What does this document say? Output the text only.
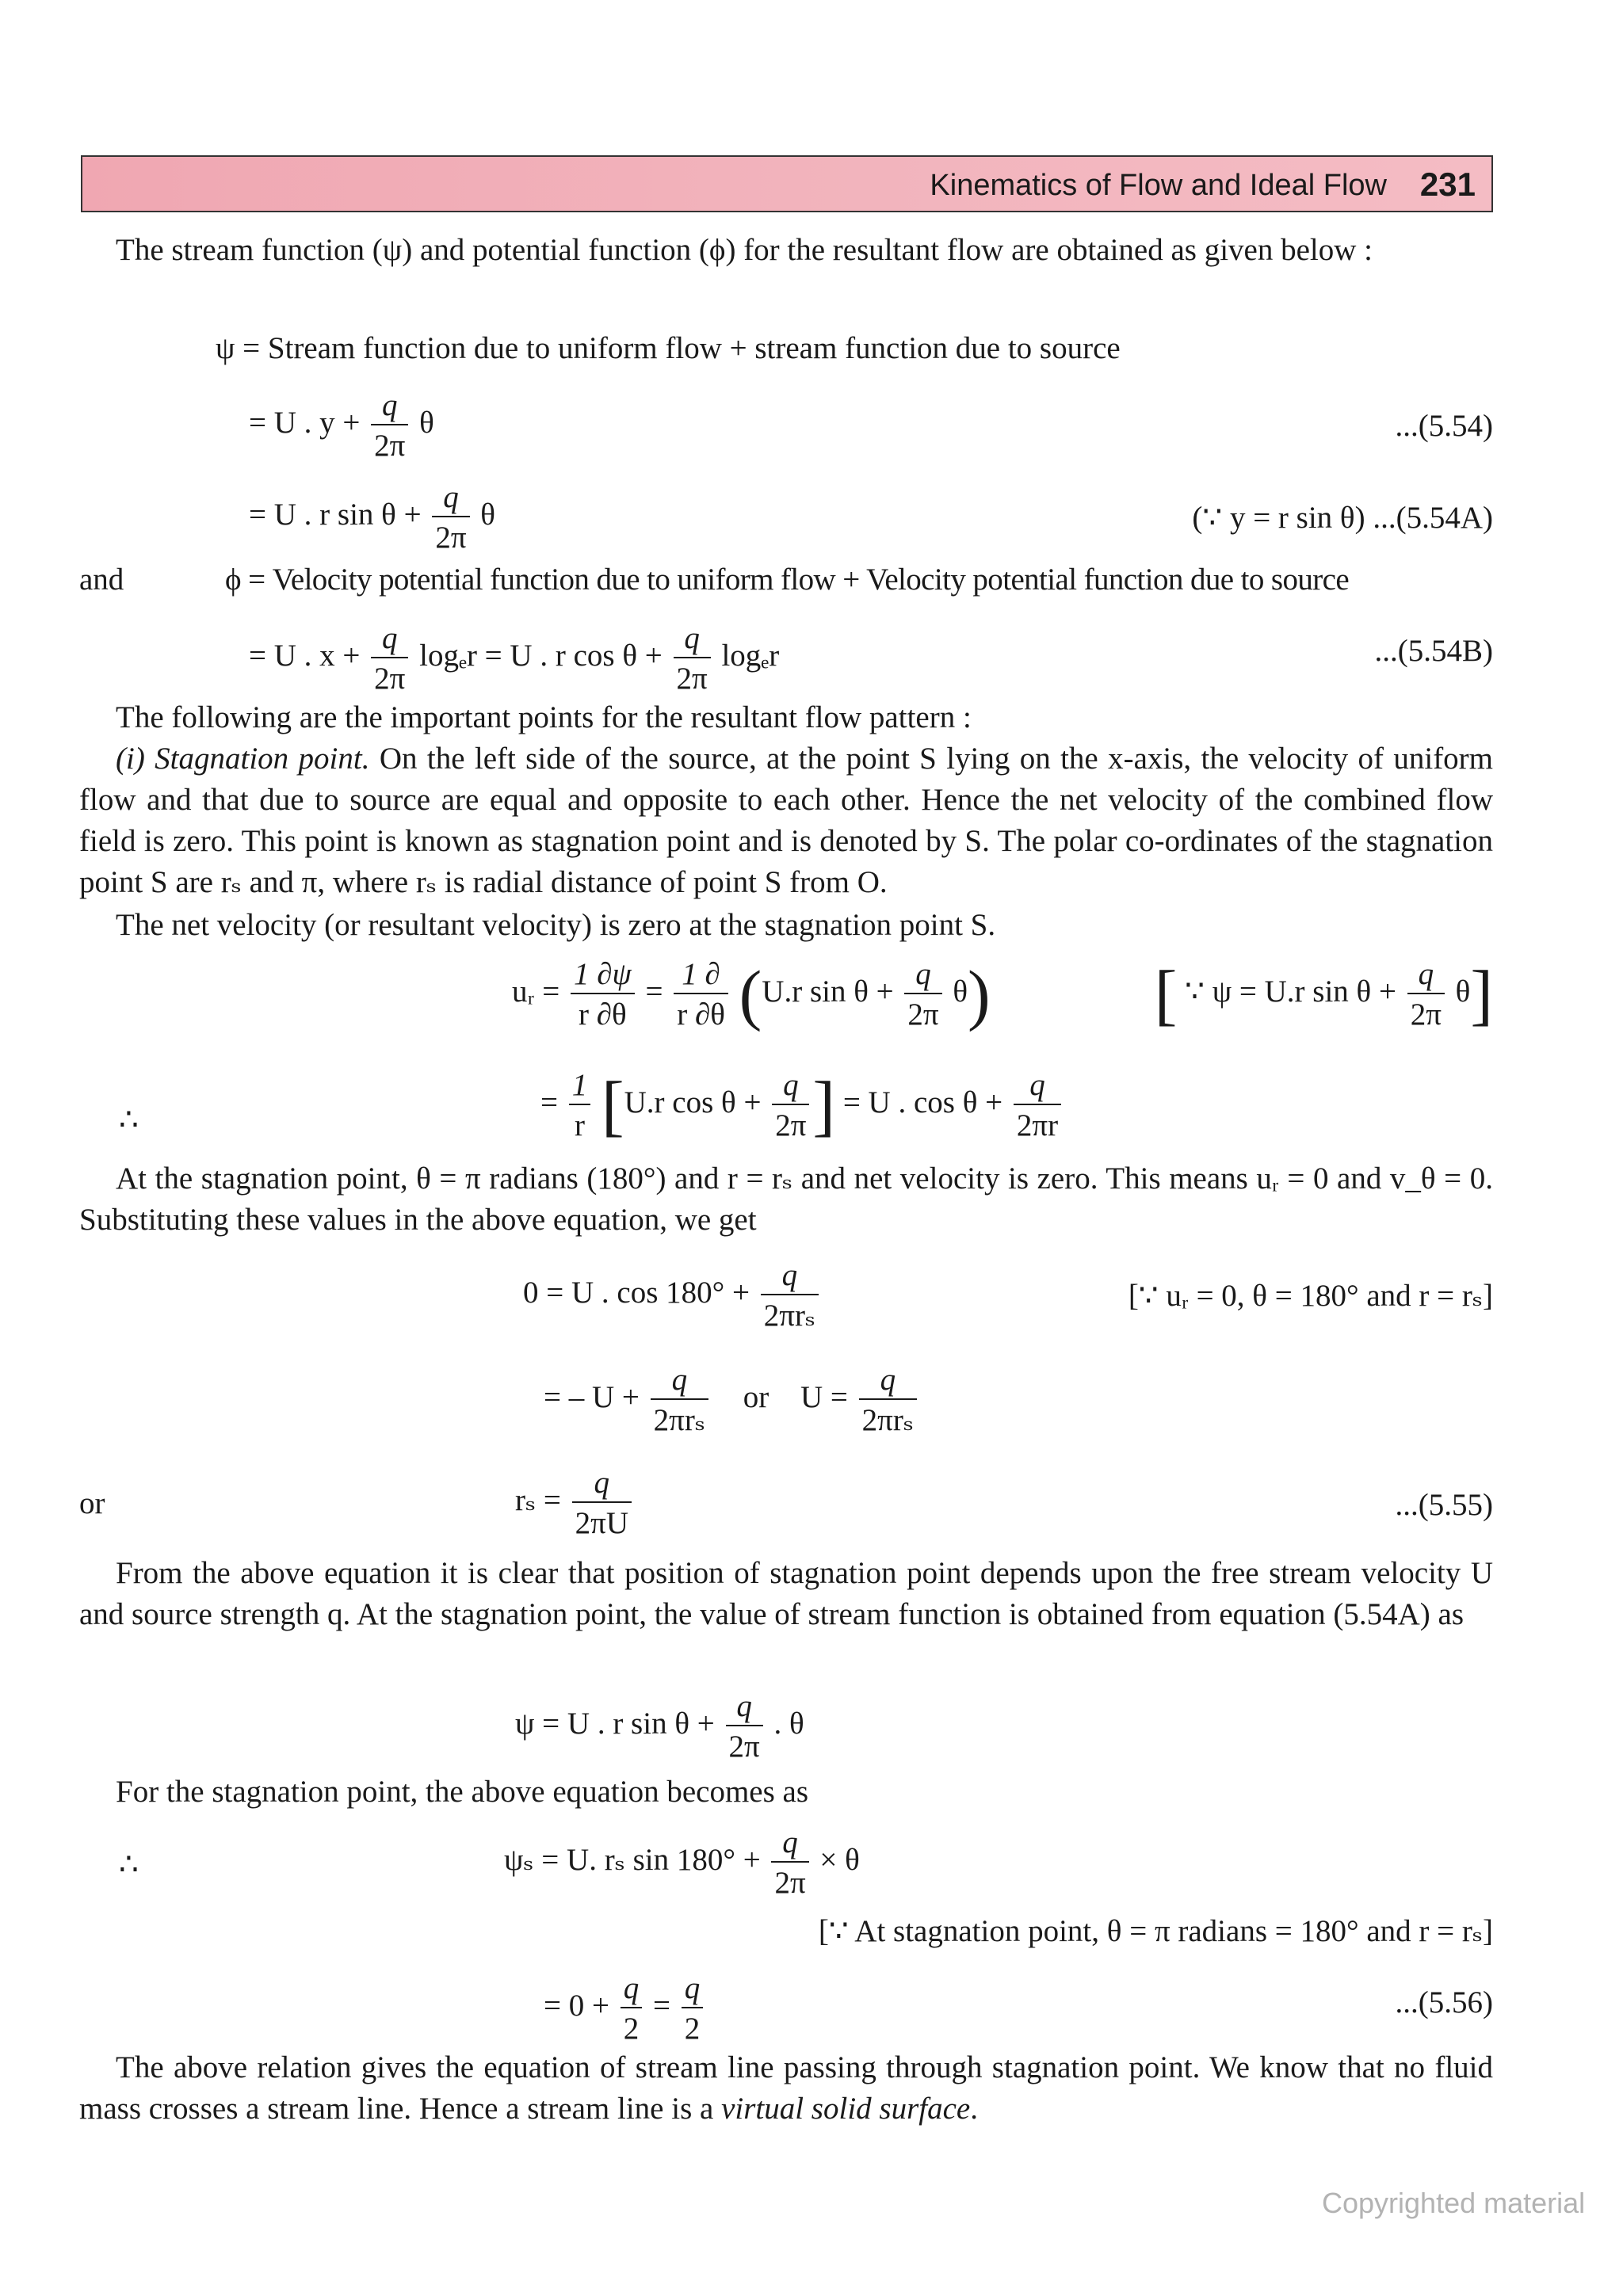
Kinematics of Flow and Ideal Flow 231
The stream function (ψ) and potential function (ϕ) for the resultant flow are obtained as given below :
ψ = Stream function due to uniform flow + stream function due to source
= U . $y + \frac{q}{2\pi}$ θ	...(5.54)
= U . r $\sin \theta + \frac{q}{2\pi}$ θ	(∵ y = r sin θ) ...(5.54A)
and	ϕ = Velocity potential function due to uniform flow + Velocity potential function due to source
= U . $x + \frac{q}{2\pi}$ logₑr = U . r $\cos \theta + \frac{q}{2\pi}$ logₑr	...(5.54B)
The following are the important points for the resultant flow pattern :
(i) Stagnation point. On the left side of the source, at the point S lying on the x-axis, the velocity of uniform flow and that due to source are equal and opposite to each other. Hence the net velocity of the combined flow field is zero. This point is known as stagnation point and is denoted by S. The polar co-ordinates of the stagnation point S are rₛ and π, where rₛ is radial distance of point S from O.
The net velocity (or resultant velocity) is zero at the stagnation point S.
uᵣ = $\frac{1 \partial\psi}{r \partial\theta} = \frac{1 \partial}{r \partial\theta} (U.r$ $\sin \theta + \frac{q}{2\pi} \theta$) [ ∵ ψ = U.r $\sin \theta + \frac{q}{2\pi} \theta$]
∴
= $\frac{1}{r} [U.r$ $\cos \theta + \frac{q}{2\pi}$ ] = U . $\cos \theta + \frac{q}{2\pi r}$
At the stagnation point, θ = π radians (180°) and r = rₛ and net velocity is zero. This means uᵣ = 0 and v_θ = 0. Substituting these values in the above equation, we get
0 = U . $\cos 180^\circ + \frac{q}{\text{2πrₛ}}$	[∵ uᵣ = 0, θ = 180° and r = rₛ]
= – $U + \frac{q}{\text{2πrₛ}}$ or $U = \frac{q}{\text{2πrₛ}}$
or	$r_s = \frac{q}{2\pi U}$	...(5.55)
From the above equation it is clear that position of stagnation point depends upon the free stream velocity U and source strength q. At the stagnation point, the value of stream function is obtained from equation (5.54A) as
ψ = U . r $\sin \theta + \frac{q}{2\pi}$ . θ
For the stagnation point, the above equation becomes as
∴	ψₛ = U. rₛ $\sin 180^\circ + \frac{q}{2\pi} \times \theta$
[∵ At stagnation point, θ = π radians = 180° and r = rₛ]
= $0 + \frac{q}{2} = \frac{q}{2}$	...(5.56)
The above relation gives the equation of stream line passing through stagnation point. We know that no fluid mass crosses a stream line. Hence a stream line is a virtual solid surface.
Copyrighted material
